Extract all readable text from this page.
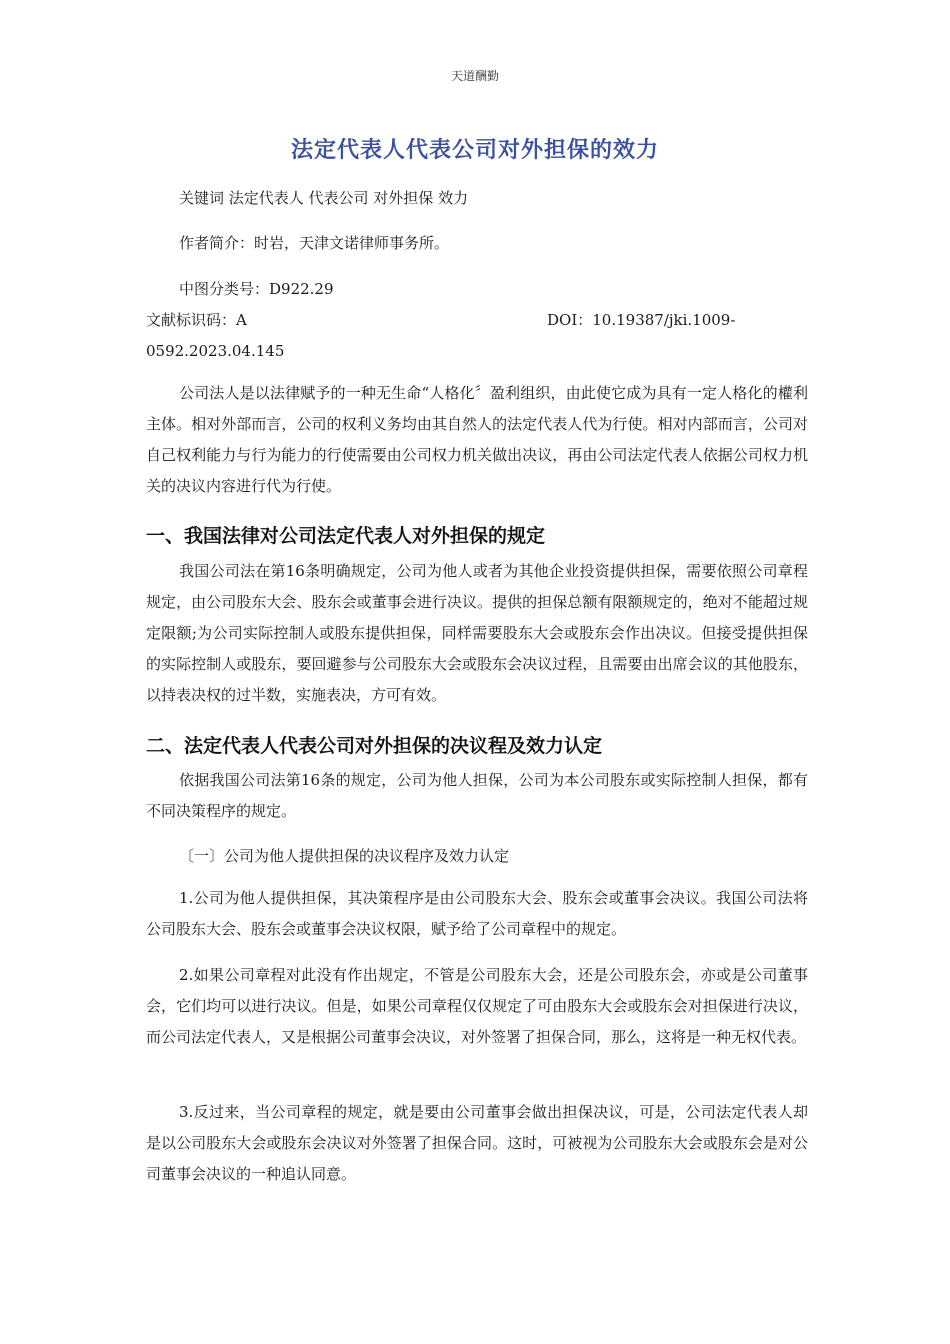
天道酬勤
法定代表人代表公司对外担保的效力
关键词 法定代表人 代表公司 对外担保 效力
作者简介：时岩，天津文诺律师事务所。
中图分类号：D922.29
文献标识码：A	DOI：10.19387/jki.1009-
0592.2023.04.145
公司法人是以法律赋予的一种无生命“人格化〞盈利组织，由此使它成为具有一定人格化的權利主体。相对外部而言，公司的权利义务均由其自然人的法定代表人代为行使。相对内部而言，公司对自己权利能力与行为能力的行使需要由公司权力机关做出决议，再由公司法定代表人依据公司权力机关的决议内容进行代为行使。
一、我国法律对公司法定代表人对外担保的规定
我国公司法在第16条明确规定，公司为他人或者为其他企业投资提供担保，需要依照公司章程规定，由公司股东大会、股东会或董事会进行决议。提供的担保总额有限额规定的，绝对不能超过规定限额;为公司实际控制人或股东提供担保，同样需要股东大会或股东会作出决议。但接受提供担保的实际控制人或股东，要回避参与公司股东大会或股东会决议过程，且需要由出席会议的其他股东，以持表决权的过半数，实施表决，方可有效。
二、法定代表人代表公司对外担保的决议程及效力认定
依据我国公司法第16条的规定，公司为他人担保，公司为本公司股东或实际控制人担保，都有不同决策程序的规定。
〔一〕公司为他人提供担保的决议程序及效力认定
1.公司为他人提供担保，其决策程序是由公司股东大会、股东会或董事会决议。我国公司法将公司股东大会、股东会或董事会决议权限，赋予给了公司章程中的规定。
2.如果公司章程对此没有作出规定，不管是公司股东大会，还是公司股东会，亦或是公司董事会，它们均可以进行决议。但是，如果公司章程仅仅规定了可由股东大会或股东会对担保进行决议，而公司法定代表人，又是根据公司董事会决议，对外签署了担保合同，那么，这将是一种无权代表。
3.反过来，当公司章程的规定，就是要由公司董事会做出担保决议，可是，公司法定代表人却是以公司股东大会或股东会决议对外签署了担保合同。这时，可被视为公司股东大会或股东会是对公司董事会决议的一种追认同意。
